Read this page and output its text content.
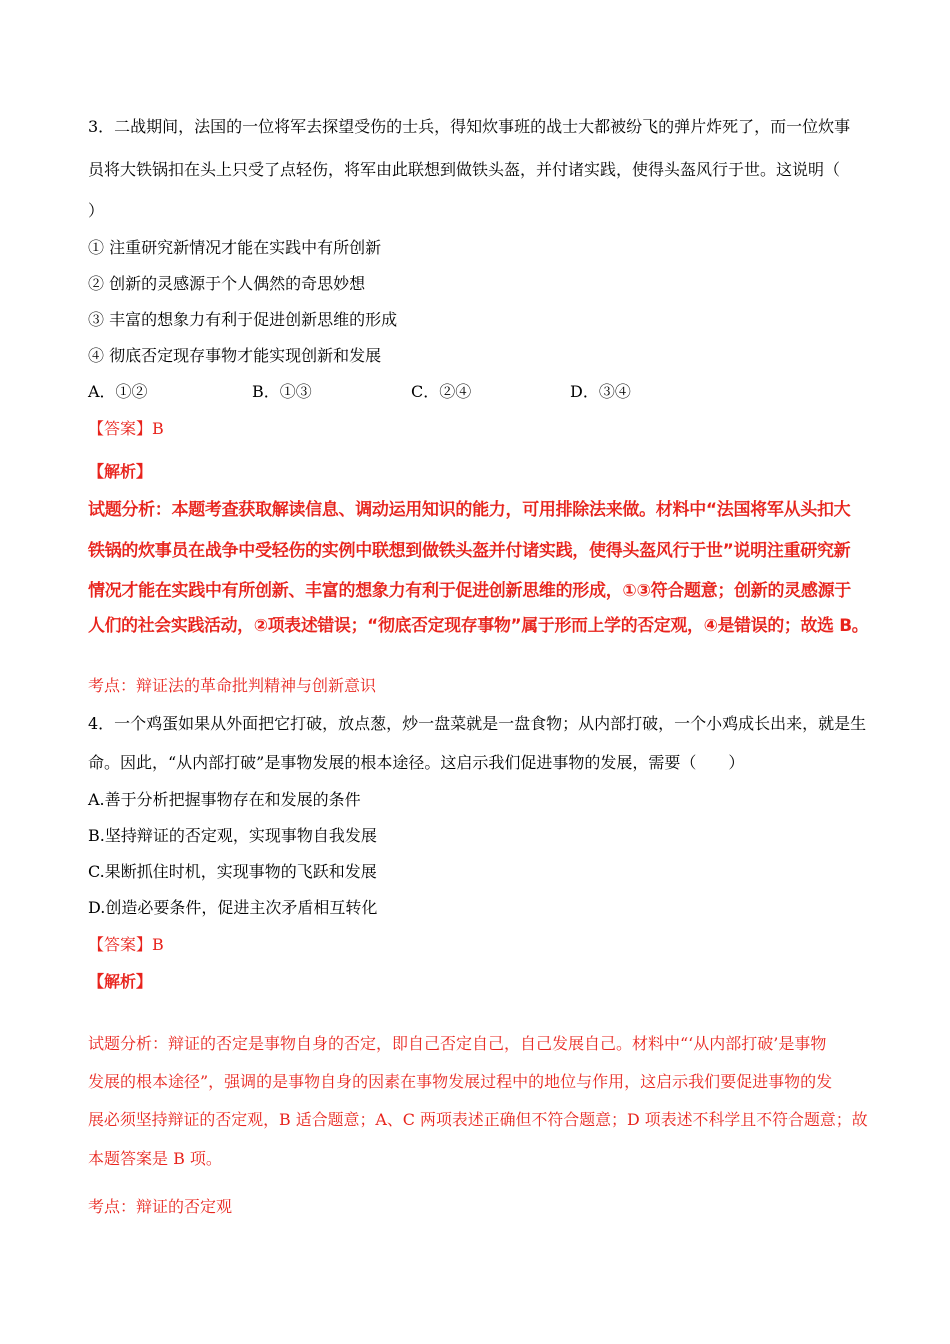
3．二战期间，法国的一位将军去探望受伤的士兵，得知炊事班的战士大都被纷飞的弹片炸死了，而一位炊事
员将大铁锅扣在头上只受了点轻伤，将军由此联想到做铁头盔，并付诸实践，使得头盔风行于世。这说明（
）
① 注重研究新情况才能在实践中有所创新
② 创新的灵感源于个人偶然的奇思妙想
③ 丰富的想象力有利于促进创新思维的形成
④ 彻底否定现存事物才能实现创新和发展
A．①②	B．①③	C．②④	D．③④
【答案】B
【解析】
试题分析：本题考查获取解读信息、调动运用知识的能力，可用排除法来做。材料中“法国将军从头扣大
铁锅的炊事员在战争中受轻伤的实例中联想到做铁头盔并付诸实践，使得头盔风行于世”说明注重研究新
情况才能在实践中有所创新、丰富的想象力有利于促进创新思维的形成，①③符合题意；创新的灵感源于
人们的社会实践活动，②项表述错误；“彻底否定现存事物”属于形而上学的否定观，④是错误的；故选 B。
考点：辩证法的革命批判精神与创新意识
4．一个鸡蛋如果从外面把它打破，放点葱，炒一盘菜就是一盘食物；从内部打破，一个小鸡成长出来，就是生
命。因此，“从内部打破”是事物发展的根本途径。这启示我们促进事物的发展，需要（　　）
A.善于分析把握事物存在和发展的条件
B.坚持辩证的否定观，实现事物自我发展
C.果断抓住时机，实现事物的飞跃和发展
D.创造必要条件，促进主次矛盾相互转化
【答案】B
【解析】
试题分析：辩证的否定是事物自身的否定，即自己否定自己，自己发展自己。材料中“‘从内部打破’是事物
发展的根本途径”，强调的是事物自身的因素在事物发展过程中的地位与作用，这启示我们要促进事物的发
展必须坚持辩证的否定观，B 适合题意；A、C 两项表述正确但不符合题意；D 项表述不科学且不符合题意；故
本题答案是 B 项。
考点：辩证的否定观
